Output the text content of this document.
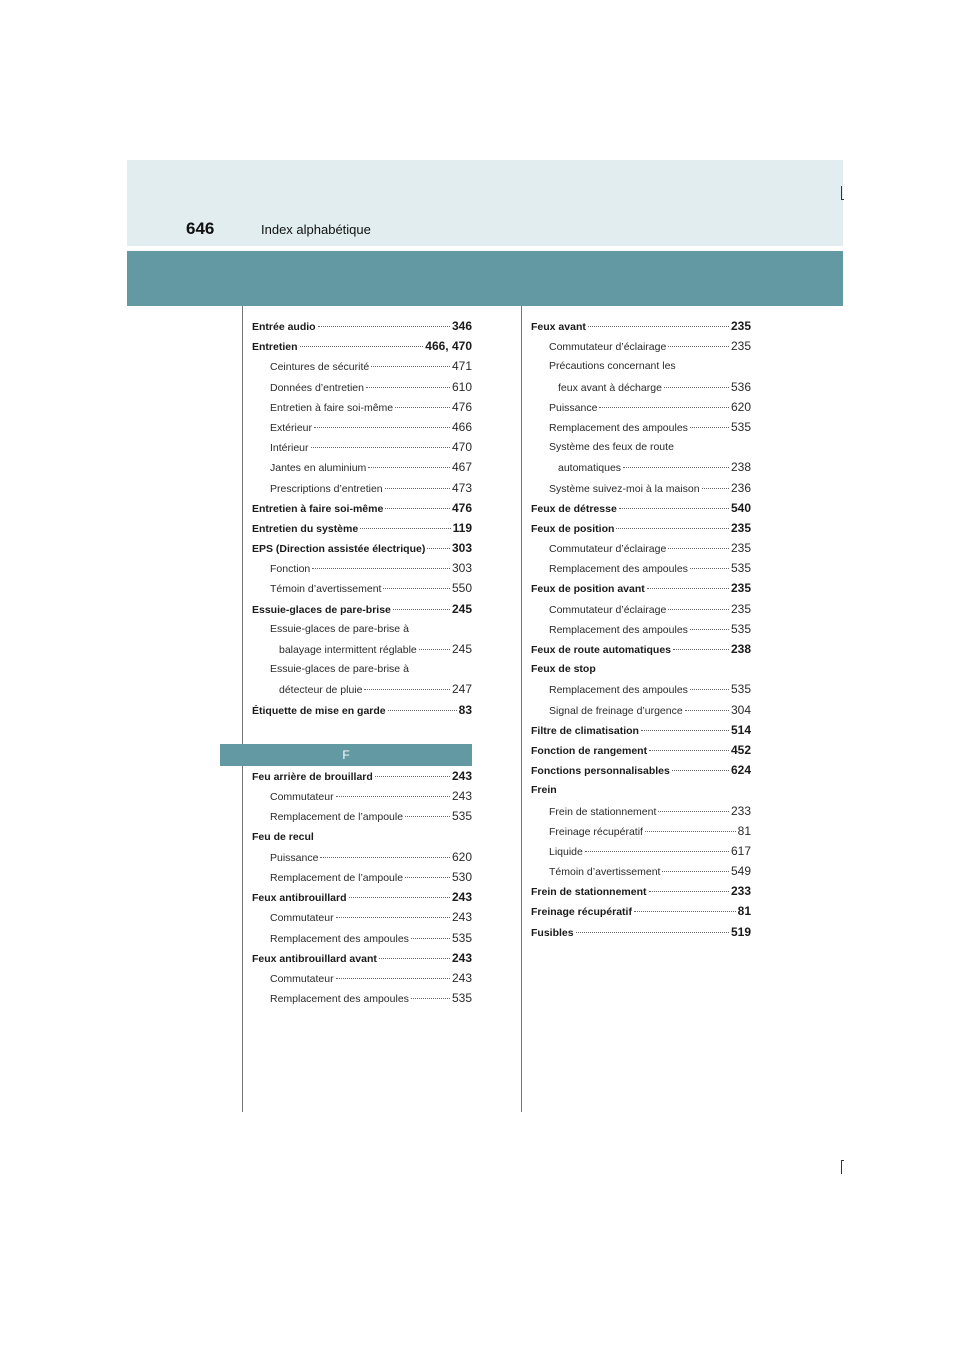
646	Index alphabétique
Entrée audio	346
Entretien	466, 470
Ceintures de sécurité	471
Données d’entretien	610
Entretien à faire soi-même	476
Extérieur	466
Intérieur	470
Jantes en aluminium	467
Prescriptions d’entretien	473
Entretien à faire soi-même	476
Entretien du système	119
EPS (Direction assistée électrique) 303
Fonction	303
Témoin d’avertissement	550
Essuie-glaces de pare-brise	245
Essuie-glaces de pare-brise à
balayage intermittent réglable	245
Essuie-glaces de pare-brise à
détecteur de pluie	247
Étiquette de mise en garde	83
F
Feu arrière de brouillard	243
Commutateur	243
Remplacement de l’ampoule	535
Feu de recul
Puissance	620
Remplacement de l’ampoule	530
Feux antibrouillard	243
Commutateur	243
Remplacement des ampoules	535
Feux antibrouillard avant	243
Commutateur	243
Remplacement des ampoules	535
Feux avant	235
Commutateur d’éclairage	235
Précautions concernant les
feux avant à décharge	536
Puissance	620
Remplacement des ampoules	535
Système des feux de route
automatiques	238
Système suivez-moi à la maison	236
Feux de détresse	540
Feux de position	235
Commutateur d’éclairage	235
Remplacement des ampoules	535
Feux de position avant	235
Commutateur d’éclairage	235
Remplacement des ampoules	535
Feux de route automatiques	238
Feux de stop
Remplacement des ampoules	535
Signal de freinage d’urgence	304
Filtre de climatisation	514
Fonction de rangement	452
Fonctions personnalisables	624
Frein
Frein de stationnement	233
Freinage récupératif	81
Liquide	617
Témoin d’avertissement	549
Frein de stationnement	233
Freinage récupératif	81
Fusibles	519
